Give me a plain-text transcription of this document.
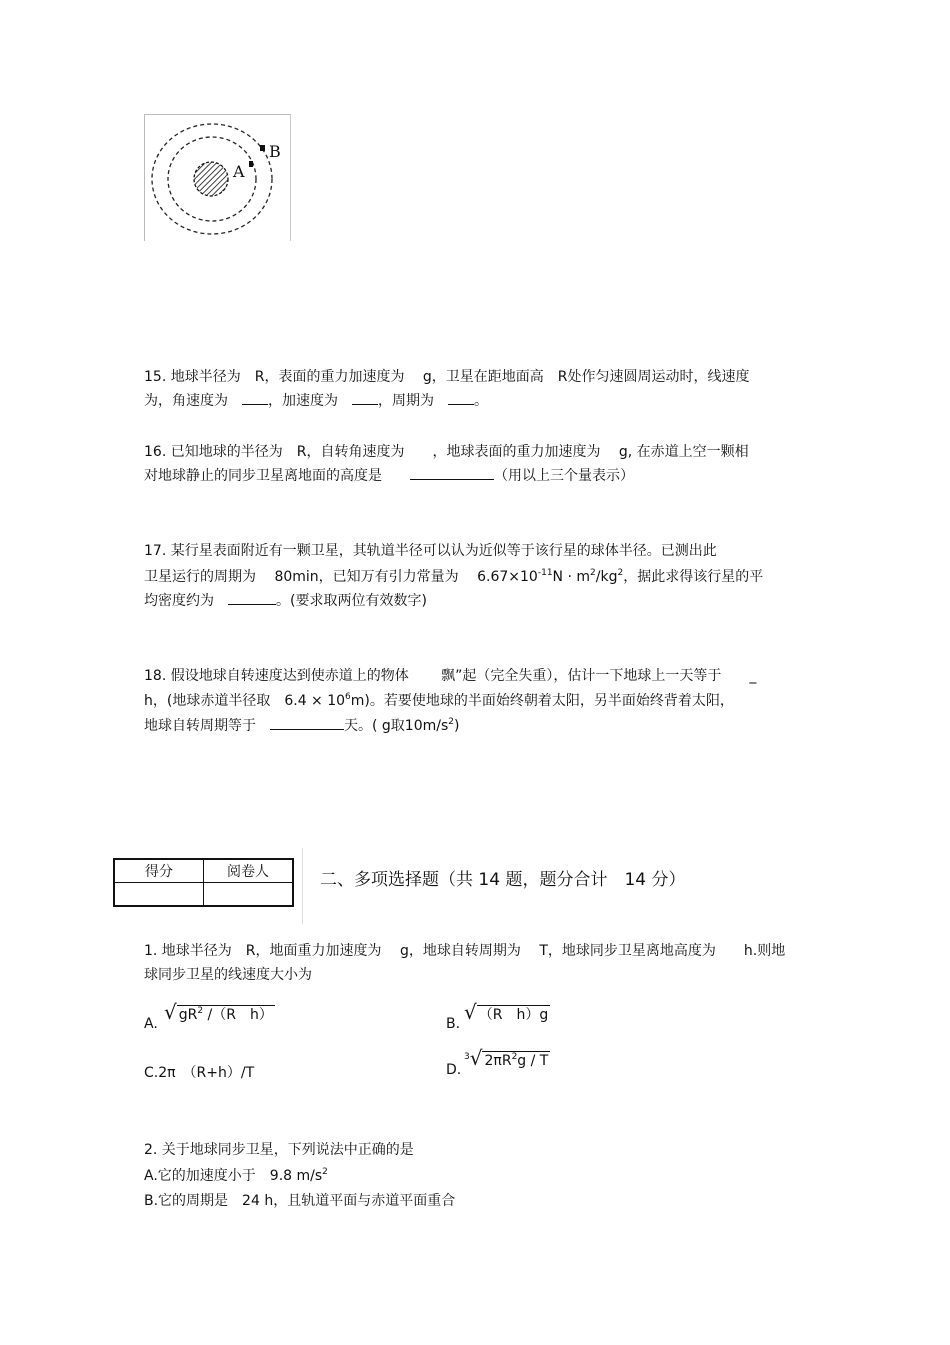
A
B
15. 地球半径为　R，表面的重力加速度为　 g，卫星在距地面高　R处作匀速圆周运动时，线速度
为，角速度为　，加速度为　，周期为　。
16. 已知地球的半径为　R，自转角速度为　　，地球表面的重力加速度为　 g, 在赤道上空一颗相
对地球静止的同步卫星离地面的高度是　　	（用以上三个量表示）
17. 某行星表面附近有一颗卫星，其轨道半径可以认为近似等于该行星的球体半径。已测出此
卫星运行的周期为　 80min，已知万有引力常量为　 $6.67\times 10^{-11}N \cdot m^2/kg^2$，据此求得该行星的平
均密度约为　	。(要求取两位有效数字)
18. 假设地球自转速度达到使赤道上的物体　　 飘”起（完全失重），估计一下地球上一天等于　　_
h，(地球赤道半径取　$6.4 \times 10^6m$)。若要使地球的半面始终朝着太阳，另半面始终背着太阳，
地球自转周期等于　	天。( g取$10m/s^2$)
得分	阅卷人
		二、多项选择题（共 14 题，题分合计　14 分）
1. 地球半径为　R，地面重力加速度为　 g，地球自转周期为　 T，地球同步卫星离地高度为　　h.则地
球同步卫星的线速度大小为
A. √ $gR^2$ /（R　h）
B. √ （R　h）g
C.2π　（R+h）/T	D.
$^3$√ $2\pi R^2g$ / T
2. 关于地球同步卫星，下列说法中正确的是
A.它的加速度小于　9.8 $m/s^2$
B.它的周期是　24 h，且轨道平面与赤道平面重合
